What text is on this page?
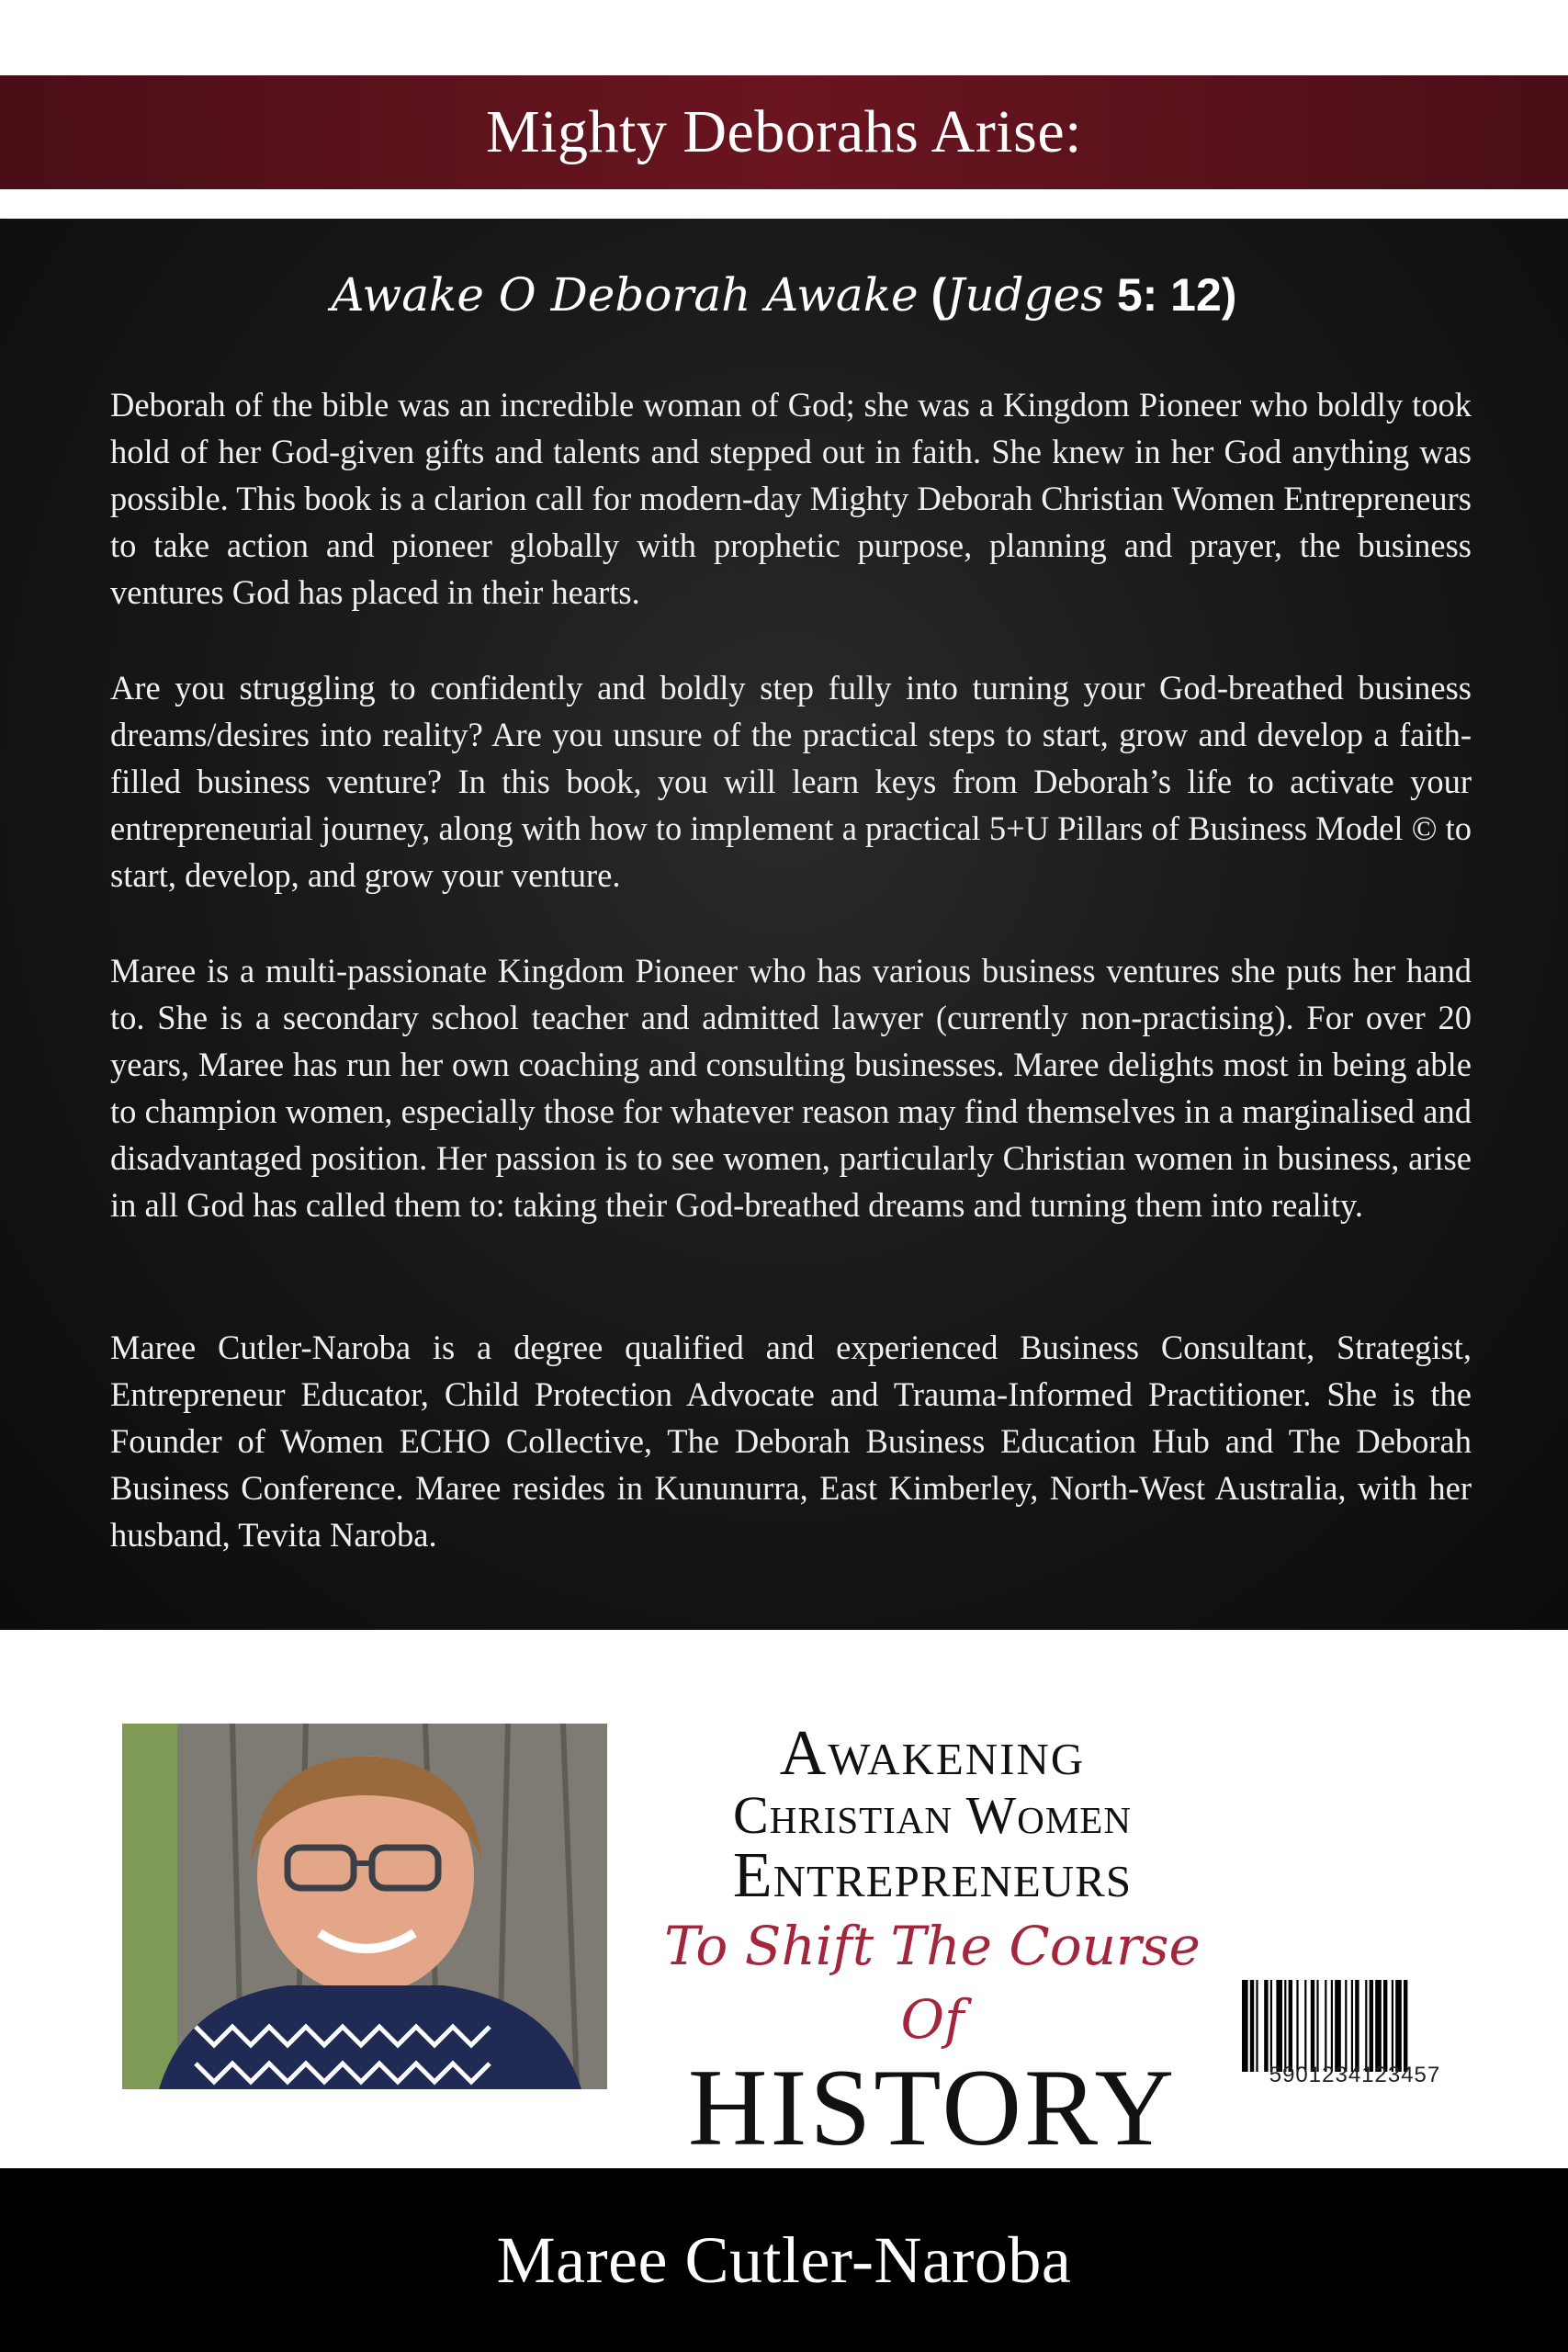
Mighty Deborahs Arise:
Awake O Deborah Awake (Judges 5: 12)

Deborah of the bible was an incredible woman of God; she was a Kingdom Pioneer who boldly took hold of her God-given gifts and talents and stepped out in faith. She knew in her God anything was possible. This book is a clarion call for modern-day Mighty Deborah Christian Women Entrepreneurs to take action and pioneer globally with prophetic purpose, planning and prayer, the business ventures God has placed in their hearts.

Are you struggling to confidently and boldly step fully into turning your God-breathed business dreams/desires into reality? Are you unsure of the practical steps to start, grow and develop a faith-filled business venture? In this book, you will learn keys from Deborah’s life to activate your entrepreneurial journey, along with how to implement a practical 5+U Pillars of Business Model © to start, develop, and grow your venture.

Maree is a multi-passionate Kingdom Pioneer who has various business ventures she puts her hand to. She is a secondary school teacher and admitted lawyer (currently non-practising). For over 20 years, Maree has run her own coaching and consulting businesses. Maree delights most in being able to champion women, especially those for whatever reason may find themselves in a marginalised and disadvantaged position. Her passion is to see women, particularly Christian women in business, arise in all God has called them to: taking their God-breathed dreams and turning them into reality.

Maree Cutler-Naroba is a degree qualified and experienced Business Consultant, Strategist, Entrepreneur Educator, Child Protection Advocate and Trauma-Informed Practitioner. She is the Founder of Women ECHO Collective, The Deborah Business Education Hub and The Deborah Business Conference. Maree resides in Kununurra, East Kimberley, North-West Australia, with her husband, Tevita Naroba.

Awakening
Christian Women
Entrepreneurs
To Shift The Course Of
HISTORY	5901234123457
Maree Cutler-Naroba
